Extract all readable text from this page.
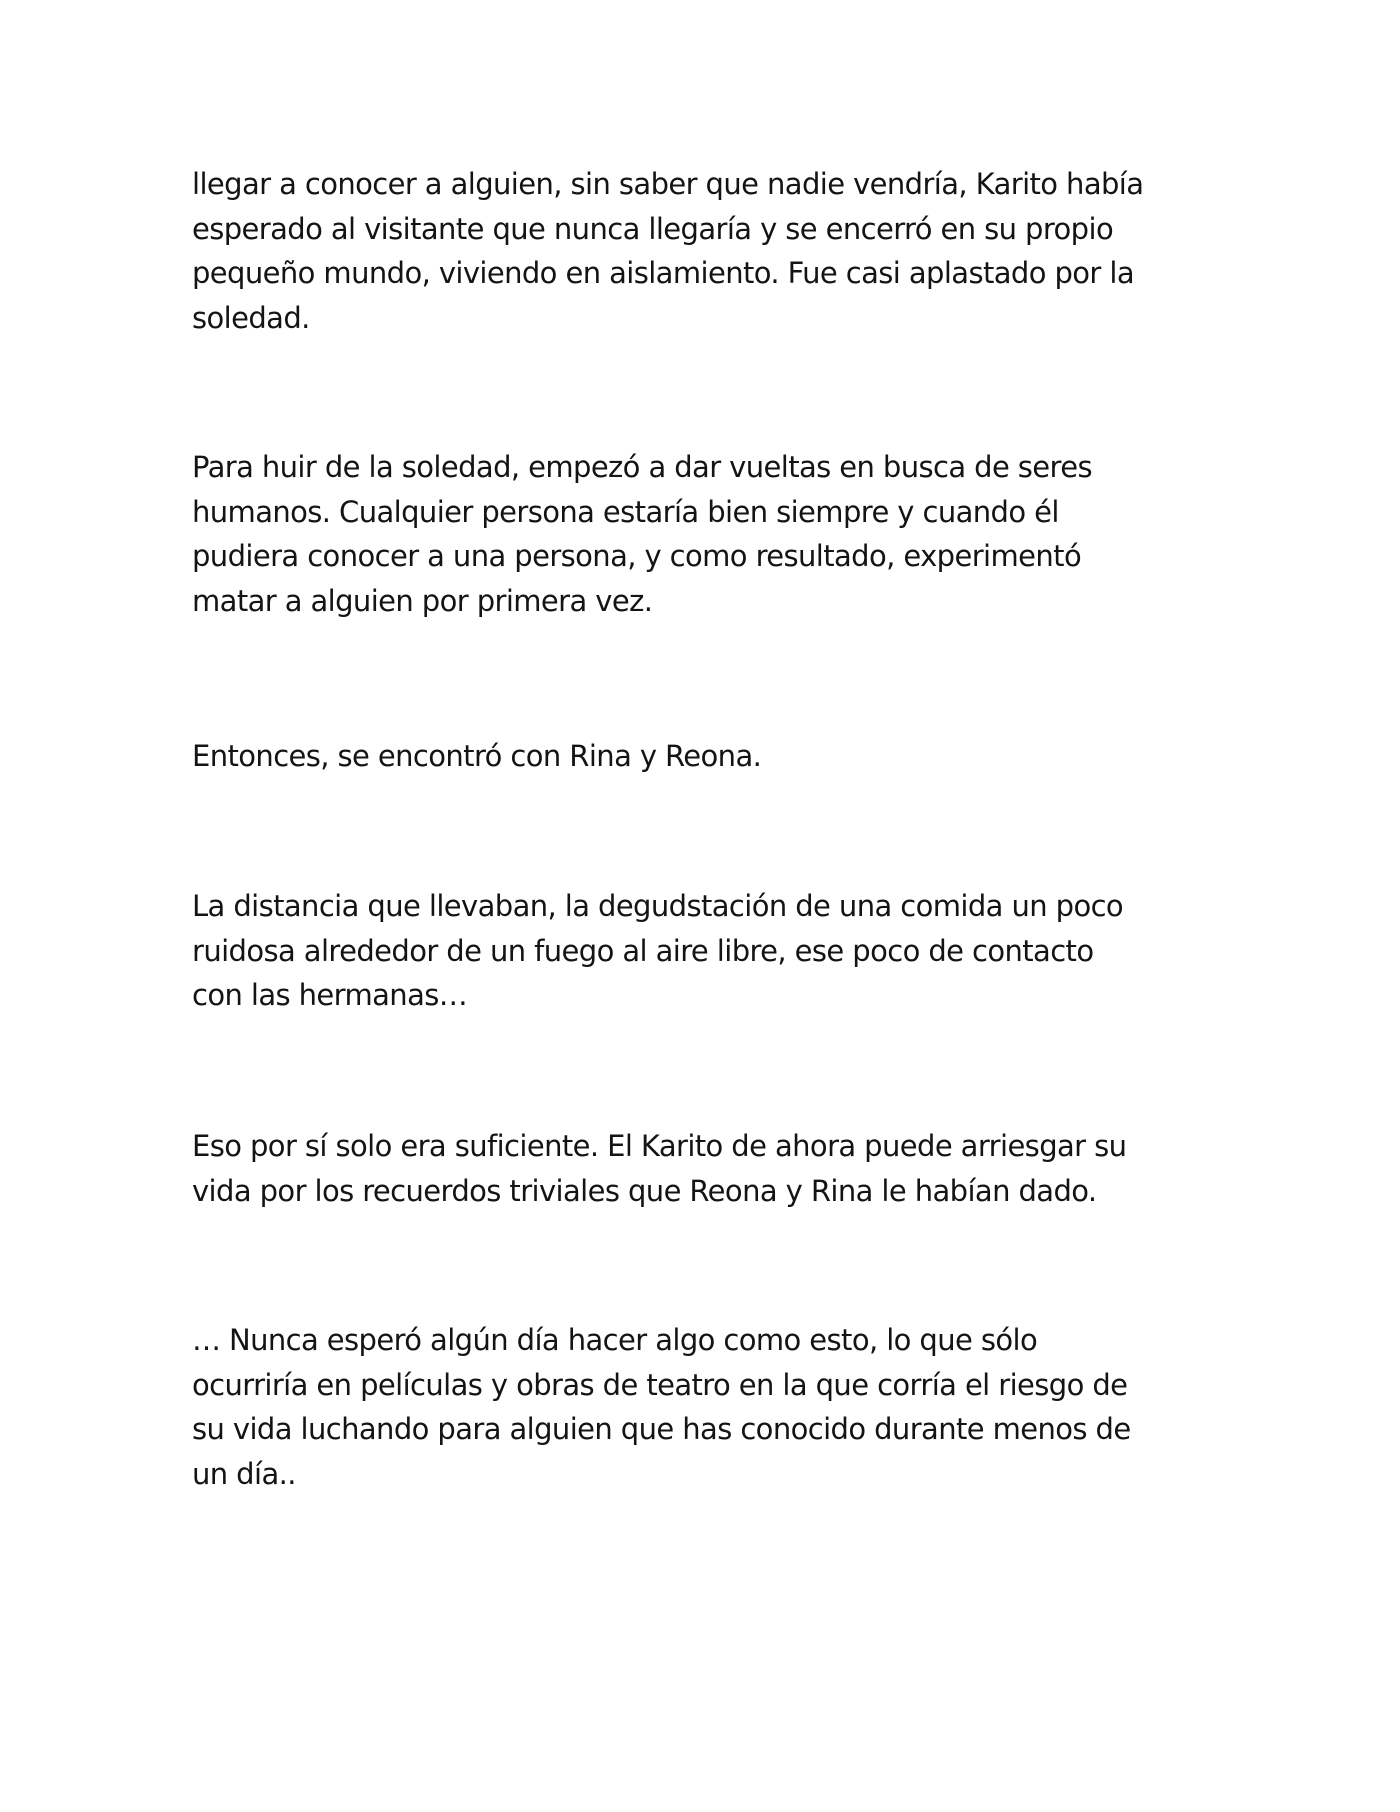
llegar a conocer a alguien, sin saber que nadie vendría, Karito había
esperado al visitante que nunca llegaría y se encerró en su propio
pequeño mundo, viviendo en aislamiento. Fue casi aplastado por la
soledad.

Para huir de la soledad, empezó a dar vueltas en busca de seres
humanos. Cualquier persona estaría bien siempre y cuando él
pudiera conocer a una persona, y como resultado, experimentó
matar a alguien por primera vez.

Entonces, se encontró con Rina y Reona.

La distancia que llevaban, la degudstación de una comida un poco
ruidosa alrededor de un fuego al aire libre, ese poco de contacto
con las hermanas…

Eso por sí solo era suficiente. El Karito de ahora puede arriesgar su
vida por los recuerdos triviales que Reona y Rina le habían dado.

… Nunca esperó algún día hacer algo como esto, lo que sólo
ocurriría en películas y obras de teatro en la que corría el riesgo de
su vida luchando para alguien que has conocido durante menos de
un día..
